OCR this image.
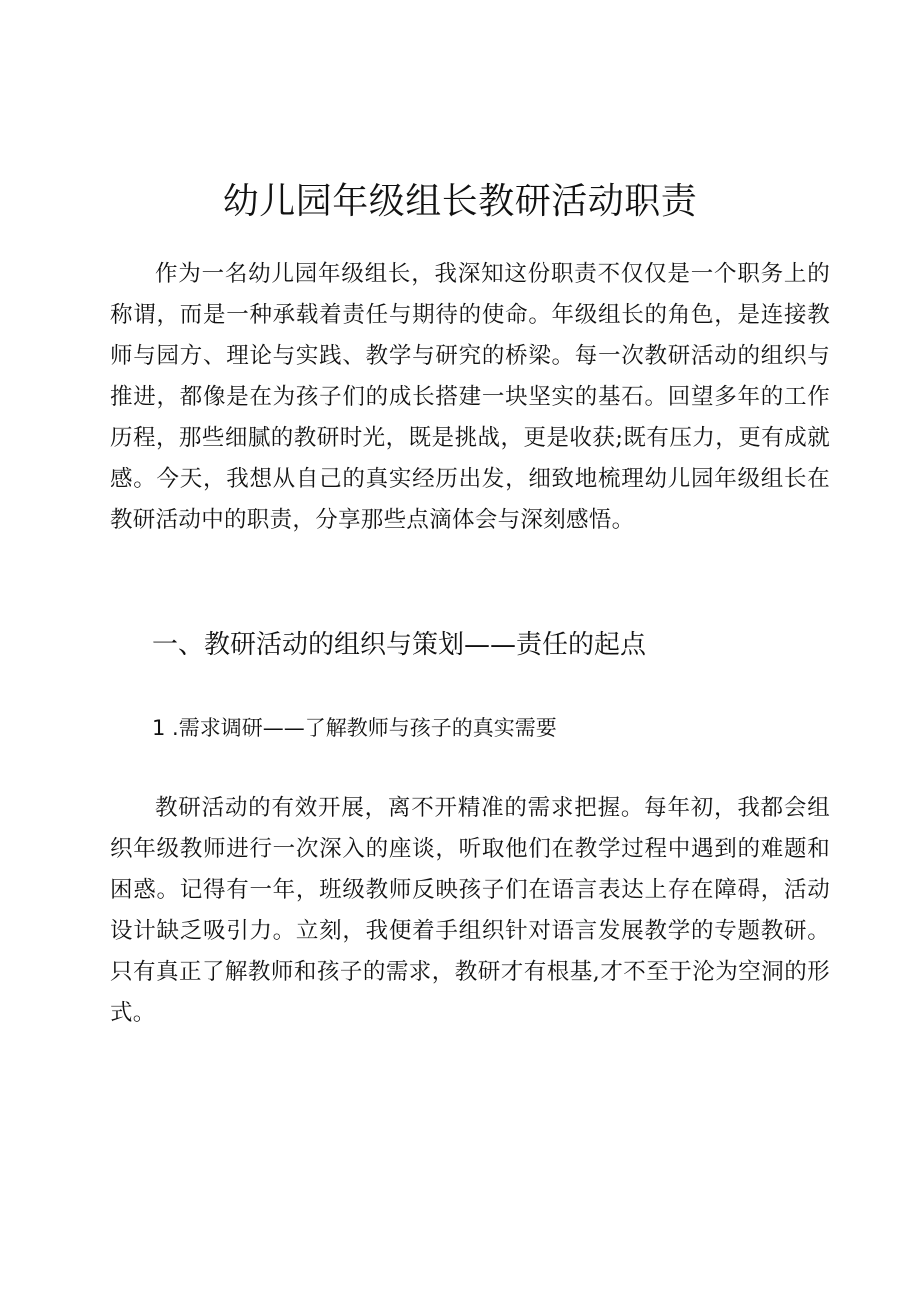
幼儿园年级组长教研活动职责

作为一名幼儿园年级组长，我深知这份职责不仅仅是一个职务上的称谓，而是一种承载着责任与期待的使命。年级组长的角色，是连接教师与园方、理论与实践、教学与研究的桥梁。每一次教研活动的组织与推进，都像是在为孩子们的成长搭建一块坚实的基石。回望多年的工作历程，那些细腻的教研时光，既是挑战，更是收获;既有压力，更有成就感。今天，我想从自己的真实经历出发，细致地梳理幼儿园年级组长在教研活动中的职责，分享那些点滴体会与深刻感悟。

一、教研活动的组织与策划——责任的起点
1 .需求调研——了解教师与孩子的真实需要

教研活动的有效开展，离不开精准的需求把握。每年初，我都会组织年级教师进行一次深入的座谈，听取他们在教学过程中遇到的难题和困惑。记得有一年，班级教师反映孩子们在语言表达上存在障碍，活动设计缺乏吸引力。立刻，我便着手组织针对语言发展教学的专题教研。只有真正了解教师和孩子的需求，教研才有根基,才不至于沦为空洞的形式。
